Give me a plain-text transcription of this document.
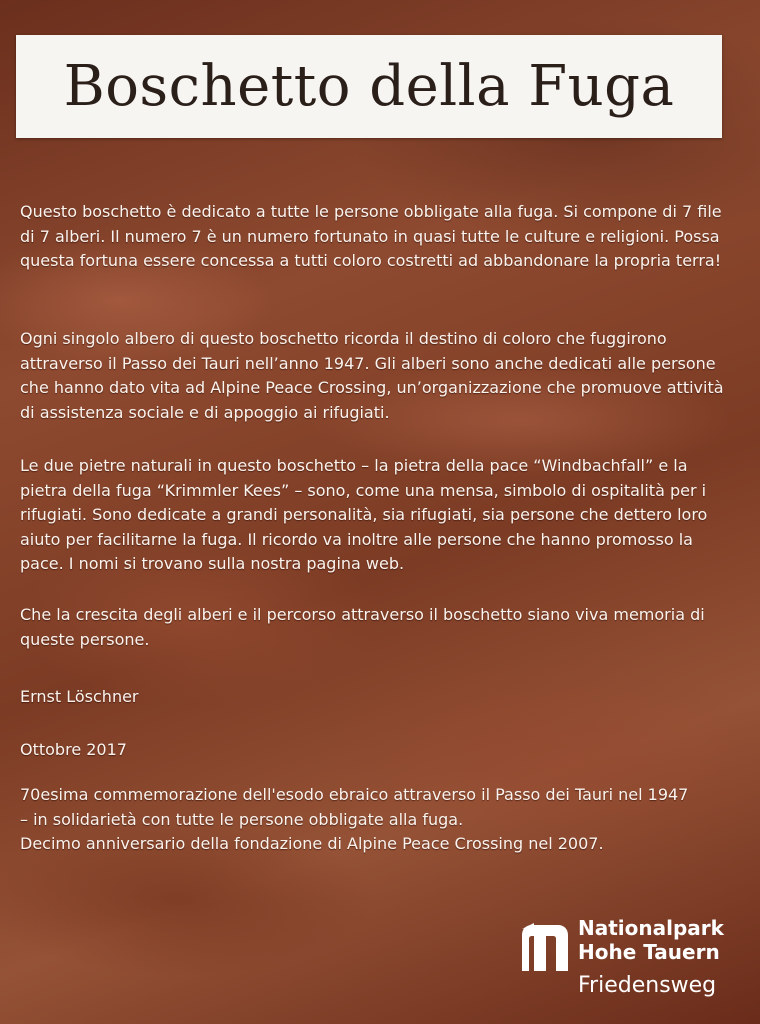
Boschetto della Fuga

Questo boschetto è dedicato a tutte le persone obbligate alla fuga. Si compone di 7 file di 7 alberi. Il numero 7 è un numero fortunato in quasi tutte le culture e religioni. Possa questa fortuna essere concessa a tutti coloro costretti ad abbandonare la propria terra!

Ogni singolo albero di questo boschetto ricorda il destino di coloro che fuggirono attraverso il Passo dei Tauri nell’anno 1947. Gli alberi sono anche dedicati alle persone che hanno dato vita ad Alpine Peace Crossing, un’organizzazione che promuove attività di assistenza sociale e di appoggio ai rifugiati.

Le due pietre naturali in questo boschetto – la pietra della pace “Windbachfall” e la pietra della fuga “Krimmler Kees” – sono, come una mensa, simbolo di ospitalità per i rifugiati. Sono dedicate a grandi personalità, sia rifugiati, sia persone che dettero loro aiuto per facilitarne la fuga. Il ricordo va inoltre alle persone che hanno promosso la pace. I nomi si trovano sulla nostra pagina web.

Che la crescita degli alberi e il percorso attraverso il boschetto siano viva memoria di queste persone.

Ernst Löschner

Ottobre 2017

70esima commemorazione dell'esodo ebraico attraverso il Passo dei Tauri nel 1947

– in solidarietà con tutte le persone obbligate alla fuga.

Decimo anniversario della fondazione di Alpine Peace Crossing nel 2007.

Nationalpark
Hohe Tauern
Friedensweg
